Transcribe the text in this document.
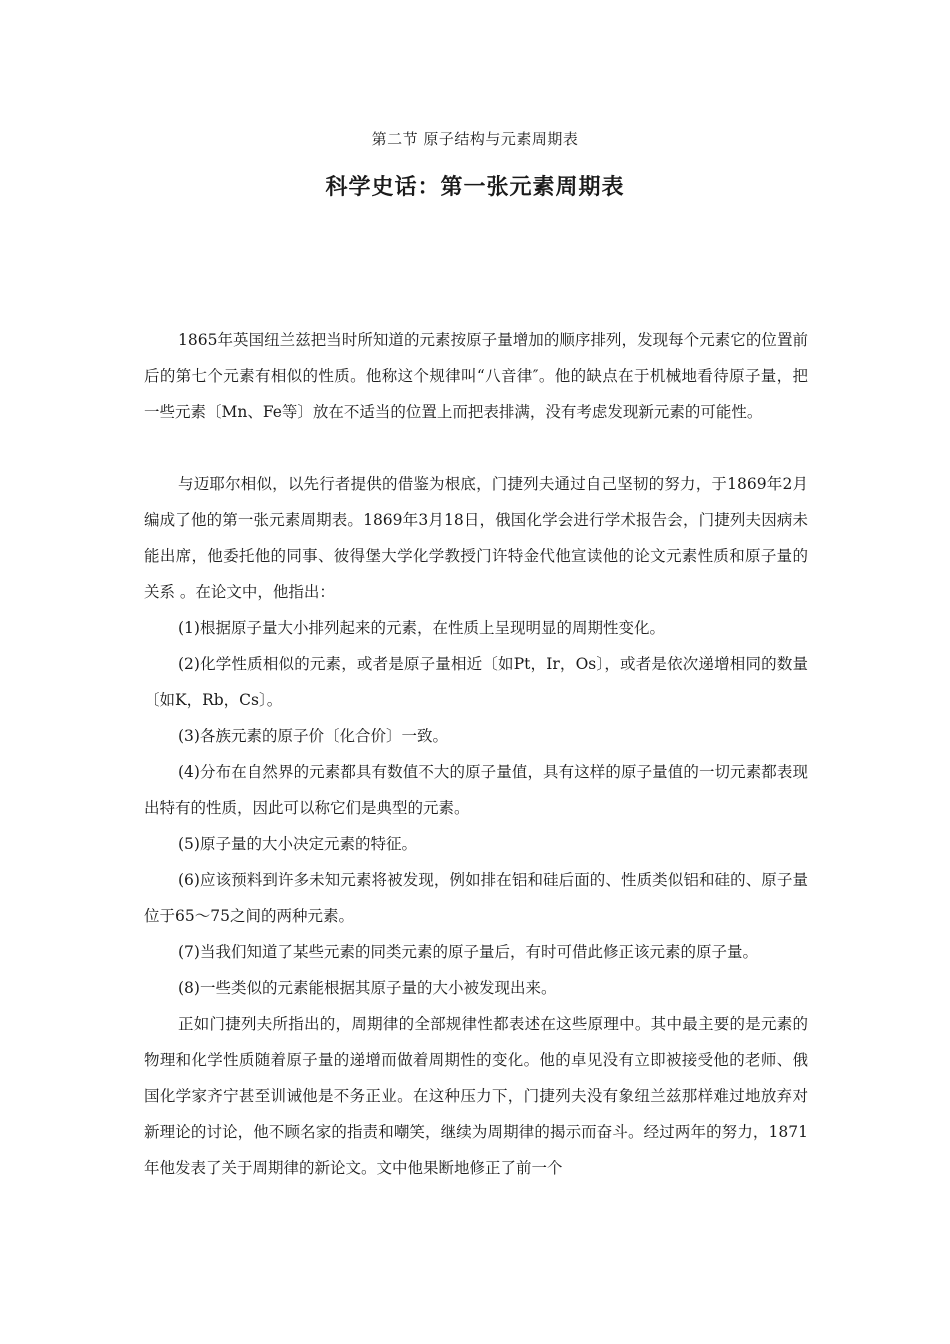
第二节 原子结构与元素周期表
科学史话：第一张元素周期表

1865年英国纽兰兹把当时所知道的元素按原子量增加的顺序排列，发现每个元素它的位置前后的第七个元素有相似的性质。他称这个规律叫“八音律″。他的缺点在于机械地看待原子量，把一些元素〔Mn、Fe等〕放在不适当的位置上而把表排满，没有考虑发现新元素的可能性。

与迈耶尔相似，以先行者提供的借鉴为根底，门捷列夫通过自己坚韧的努力，于1869年2月编成了他的第一张元素周期表。1869年3月18日，俄国化学会进行学术报告会，门捷列夫因病未能出席，他委托他的同事、彼得堡大学化学教授门许特金代他宣读他的论文元素性质和原子量的关系 。在论文中，他指出：

(1)根据原子量大小排列起来的元素，在性质上呈现明显的周期性变化。

(2)化学性质相似的元素，或者是原子量相近〔如Pt，Ir，Os〕，或者是依次递增相同的数量〔如K，Rb，Cs〕。

(3)各族元素的原子价〔化合价〕一致。

(4)分布在自然界的元素都具有数值不大的原子量值，具有这样的原子量值的一切元素都表现出特有的性质，因此可以称它们是典型的元素。

(5)原子量的大小决定元素的特征。

(6)应该预料到许多未知元素将被发现，例如排在铝和硅后面的、性质类似铝和硅的、原子量位于65～75之间的两种元素。

(7)当我们知道了某些元素的同类元素的原子量后，有时可借此修正该元素的原子量。

(8)一些类似的元素能根据其原子量的大小被发现出来。

正如门捷列夫所指出的，周期律的全部规律性都表述在这些原理中。其中最主要的是元素的物理和化学性质随着原子量的递增而做着周期性的变化。他的卓见没有立即被接受他的老师、俄国化学家齐宁甚至训诫他是不务正业。在这种压力下，门捷列夫没有象纽兰兹那样难过地放弃对新理论的讨论，他不顾名家的指责和嘲笑，继续为周期律的揭示而奋斗。经过两年的努力，1871年他发表了关于周期律的新论文。文中他果断地修正了前一个
